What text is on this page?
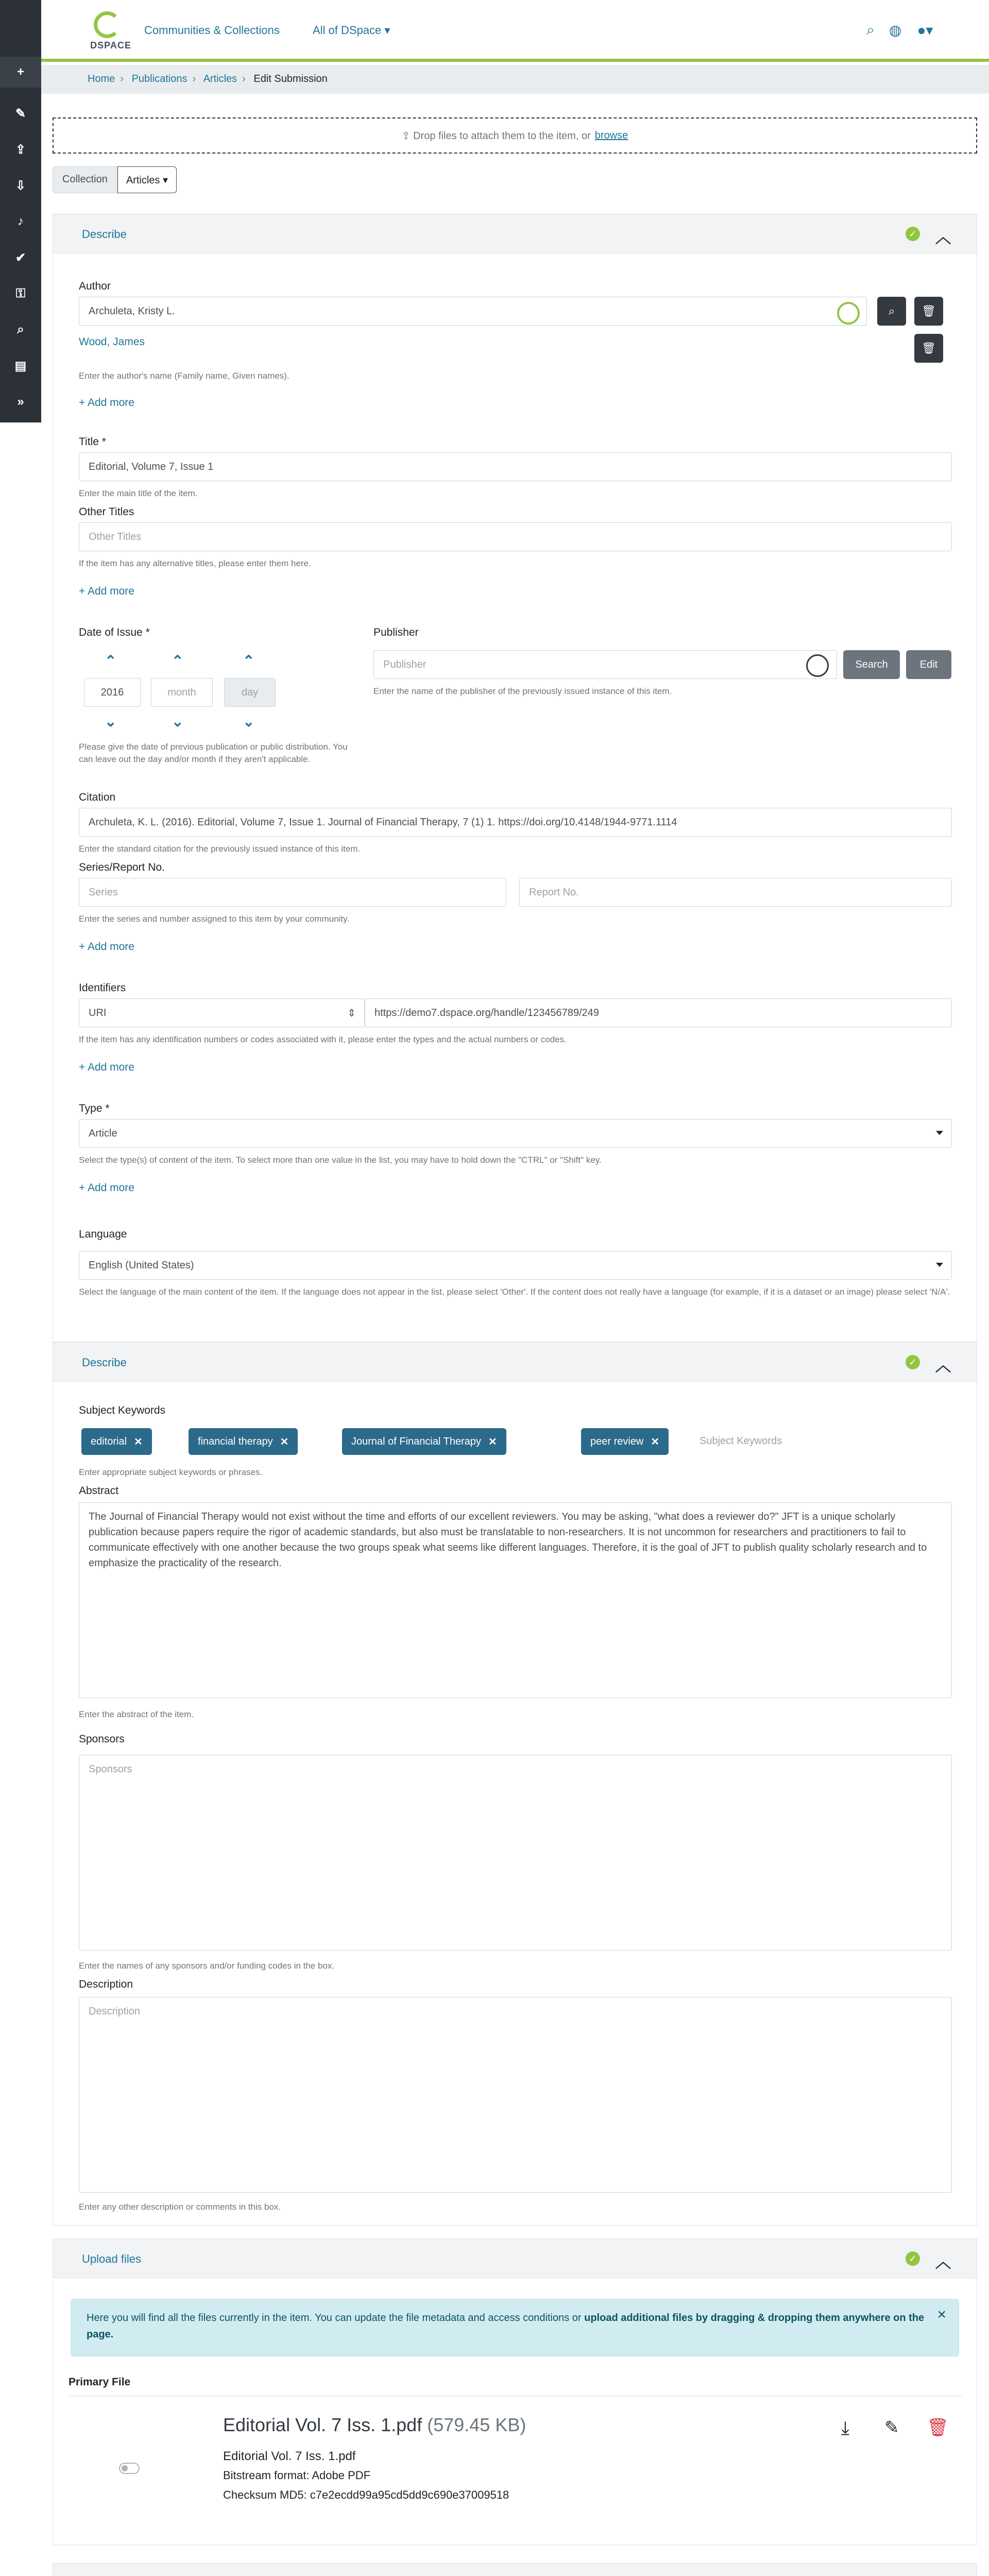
+
✎
⇪
⇩
♪
✔
⚿
⌕
▤
»
DSPACE
Communities & Collections	All of DSpace ▾	⌕ ◍	●▾
Home › Publications › Articles › Edit Submission
⇪ Drop files to attach them to the item, or browse
Collection	Articles ▾
Describe	✓ ︿
Author
Archuleta, Kristy L.	⌕	🗑
Wood, James	🗑
Enter the author's name (Family name, Given names).
+ Add more
Title *
Editorial, Volume 7, Issue 1
Enter the main title of the item.
Other Titles
Other Titles
If the item has any alternative titles, please enter them here.
+ Add more
Date of Issue *
⌃	⌃	⌃
2016	month	day
⌄	⌄	⌄
Please give the date of previous publication or public distribution. You can leave out the day and/or month if they aren't applicable.
Publisher
Publisher	Search	Edit
Enter the name of the publisher of the previously issued instance of this item.
Citation
Archuleta, K. L. (2016). Editorial, Volume 7, Issue 1. Journal of Financial Therapy, 7 (1) 1. https://doi.org/10.4148/1944-9771.1114
Enter the standard citation for the previously issued instance of this item.
Series/Report No.
Series	Report No.
Enter the series and number assigned to this item by your community.
+ Add more
Identifiers
URI	⇕	https://demo7.dspace.org/handle/123456789/249
If the item has any identification numbers or codes associated with it, please enter the types and the actual numbers or codes.
+ Add more
Type *
Article
Select the type(s) of content of the item. To select more than one value in the list, you may have to hold down the "CTRL" or "Shift" key.
+ Add more
Language
English (United States)
Select the language of the main content of the item. If the language does not appear in the list, please select 'Other'. If the content does not really have a language (for example, if it is a dataset or an image) please select 'N/A'.
Describe	✓ ︿
Subject Keywords
editorial ✕	financial therapy ✕	Journal of Financial Therapy ✕	peer review ✕	Subject Keywords
Enter appropriate subject keywords or phrases.
Abstract
The Journal of Financial Therapy would not exist without the time and efforts of our excellent reviewers. You may be asking, "what does a reviewer do?" JFT is a unique scholarly publication because papers require the rigor of academic standards, but also must be translatable to non-researchers. It is not uncommon for researchers and practitioners to fail to communicate effectively with one another because the two groups speak what seems like different languages. Therefore, it is the goal of JFT to publish quality scholarly research and to emphasize the practicality of the research.
Enter the abstract of the item.
Sponsors
Sponsors
Enter the names of any sponsors and/or funding codes in the box.
Description
Description
Enter any other description or comments in this box.
Upload files	✓ ︿
Here you will find all the files currently in the item. You can update the file metadata and access conditions or upload additional files by dragging & dropping them anywhere on the page.
×
Primary File
Editorial Vol. 7 Iss. 1.pdf (579.45 KB)
Editorial Vol. 7 Iss. 1.pdf
Bitstream format: Adobe PDF
Checksum MD5: c7e2ecdd99a95cd5dd9c690e37009518
⤓ ✎ 🗑
